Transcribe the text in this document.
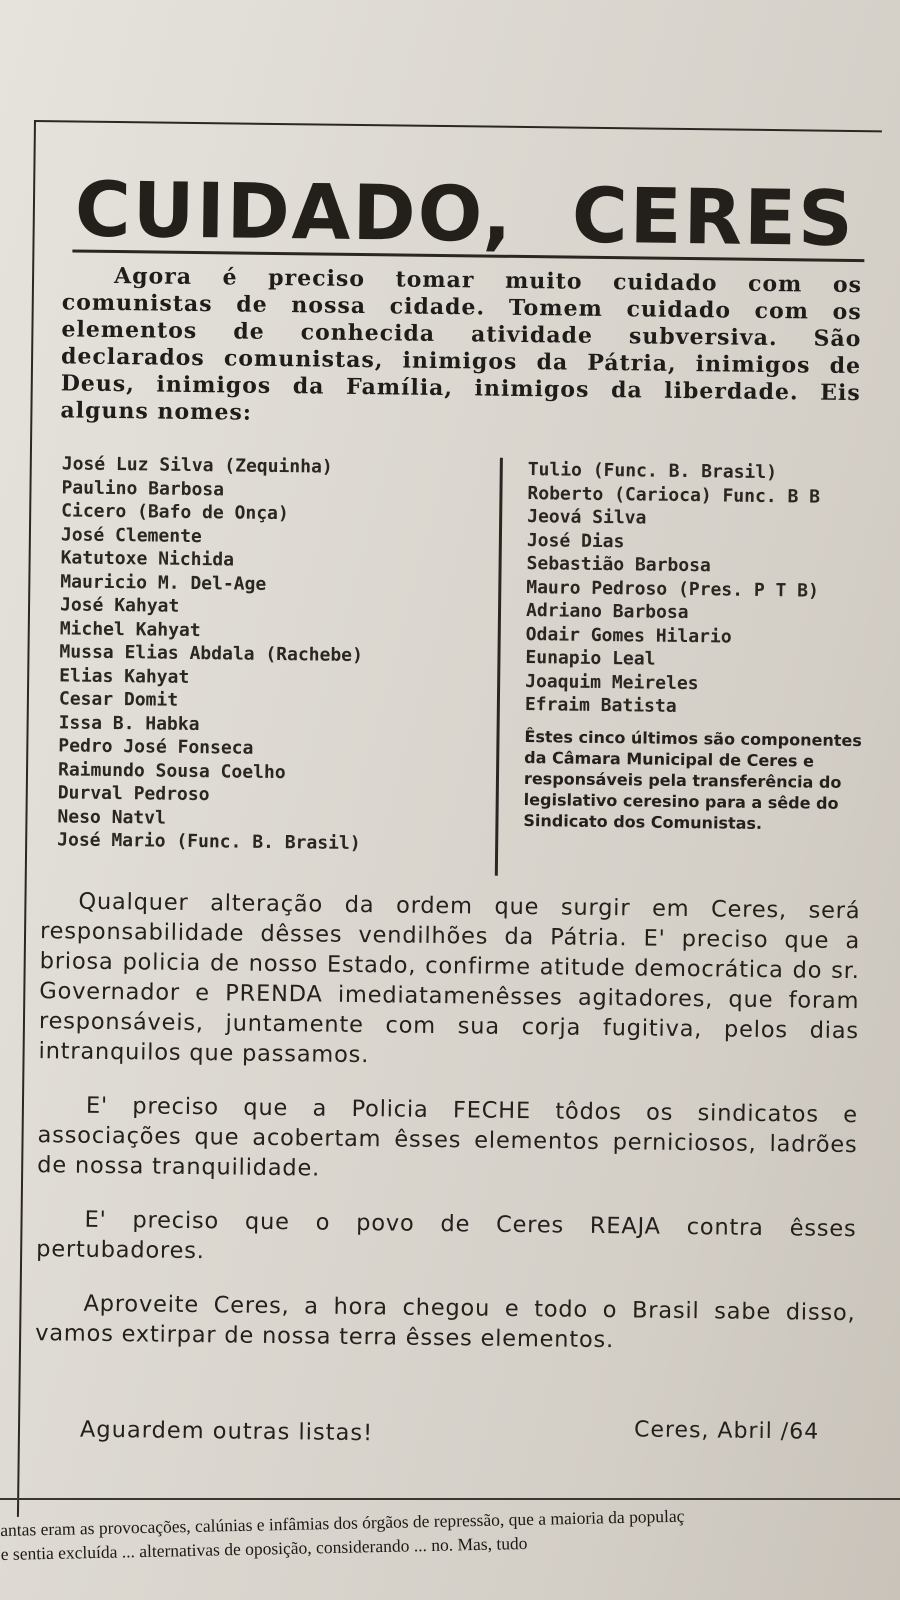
CUIDADO, CERES
Agora é preciso tomar muito cuidado com os comunistas de nossa cidade. Tomem cuidado com os elementos de conhecida atividade subversiva. São declarados comunistas, inimigos da Pátria, inimigos de Deus, inimigos da Família, inimigos da liberdade. Eis alguns nomes:
José Luz Silva (Zequinha)
Paulino Barbosa
Cicero (Bafo de Onça)
José Clemente
Katutoxe Nichida
Mauricio M. Del-Age
José Kahyat
Michel Kahyat
Mussa Elias Abdala (Rachebe)
Elias Kahyat
Cesar Domit
Issa B. Habka
Pedro José Fonseca
Raimundo Sousa Coelho
Durval Pedroso
Neso Natvl
José Mario (Func. B. Brasil)
Tulio (Func. B. Brasil)
Roberto (Carioca) Func. B B
Jeová Silva
José Dias
Sebastião Barbosa
Mauro Pedroso (Pres. P T B)
Adriano Barbosa
Odair Gomes Hilario
Eunapio Leal
Joaquim Meireles
Efraim Batista
Êstes cinco últimos são componentes da Câmara Municipal de Ceres e responsáveis pela transferência do legislativo ceresino para a sêde do Sindicato dos Comunistas.

Qualquer alteração da ordem que surgir em Ceres, será responsabilidade dêsses vendilhões da Pátria. E' preciso que a briosa policia de nosso Estado, confirme atitude democrática do sr. Governador e PRENDA imediatamenêsses agitadores, que foram responsáveis, juntamente com sua corja fugitiva, pelos dias intranquilos que passamos.

E' preciso que a Policia FECHE tôdos os sindicatos e associações que acobertam êsses elementos perniciosos, ladrões de nossa tranquilidade.

E' preciso que o povo de Ceres REAJA contra êsses pertubadores.

Aproveite Ceres, a hora chegou e todo o Brasil sabe disso, vamos extirpar de nossa terra êsses elementos.

Aguardem outras listas!	Ceres, Abril /64
antas eram as provocações, calúnias e infâmias dos órgãos de repressão, que a maioria da populaç
e sentia excluída ... alternativas de oposição, considerando ... no. Mas, tudo
